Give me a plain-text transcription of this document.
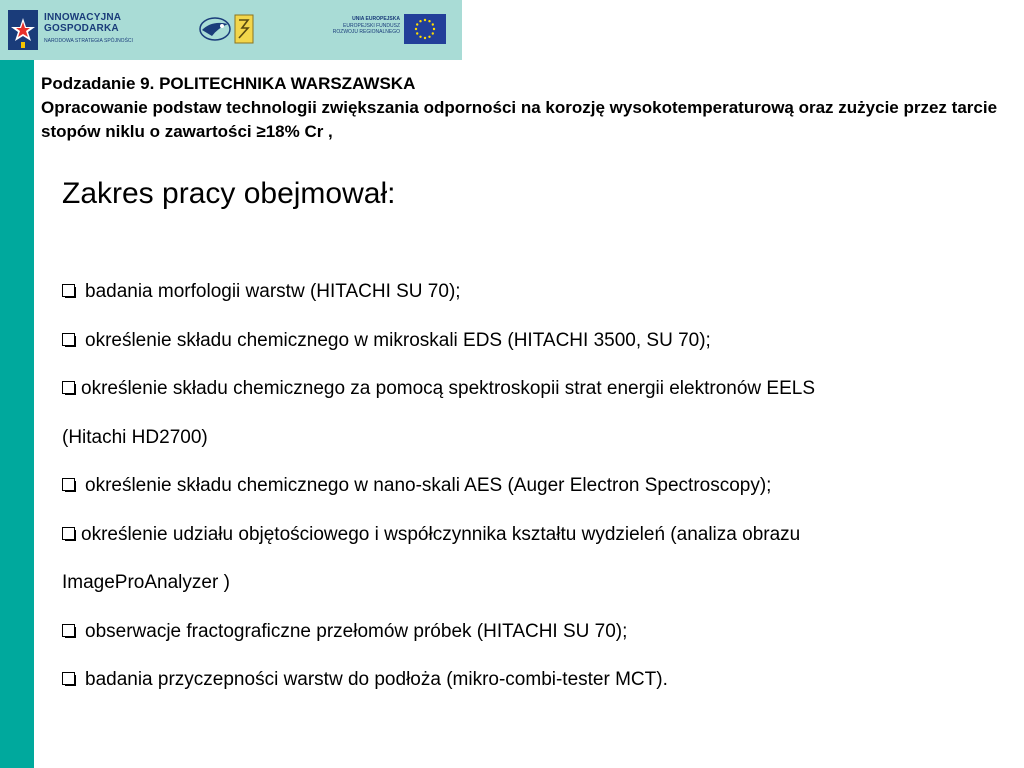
INNOWACYJNA
GOSPODARKA
NARODOWA STRATEGIA SPÓJNOŚCI
UNIA EUROPEJSKA
EUROPEJSKI FUNDUSZ
ROZWOJU REGIONALNEGO
Podzadanie 9. POLITECHNIKA WARSZAWSKA
Opracowanie podstaw technologii zwiększania odporności na korozję wysokotemperaturową oraz zużycie przez tarcie stopów niklu o zawartości ≥18% Cr ,
Zakres pracy obejmował:
badania morfologii warstw (HITACHI SU 70);
określenie składu chemicznego w mikroskali EDS (HITACHI 3500, SU 70);
określenie składu chemicznego za pomocą spektroskopii strat energii elektronów EELS
(Hitachi HD2700)
określenie składu chemicznego w nano-skali AES (Auger Electron Spectroscopy);
określenie udziału objętościowego i współczynnika kształtu wydzieleń (analiza obrazu
ImageProAnalyzer )
obserwacje fractograficzne przełomów próbek (HITACHI SU 70);
badania przyczepności warstw do podłoża (mikro-combi-tester MCT).
